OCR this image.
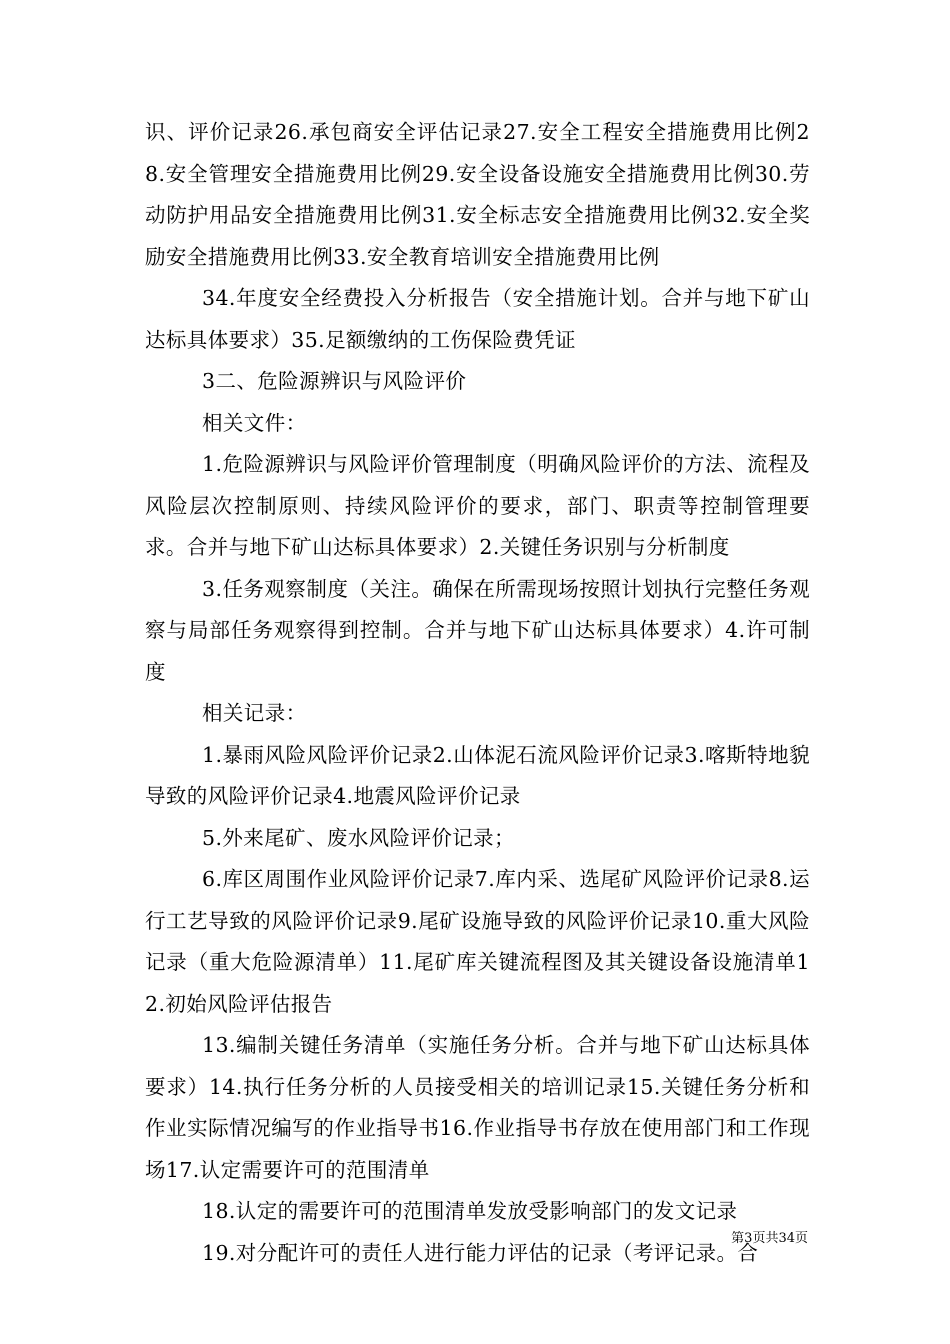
识、评价记录26.承包商安全评估记录27.安全工程安全措施费用比例28.安全管理安全措施费用比例29.安全设备设施安全措施费用比例30.劳动防护用品安全措施费用比例31.安全标志安全措施费用比例32.安全奖励安全措施费用比例33.安全教育培训安全措施费用比例

34.年度安全经费投入分析报告（安全措施计划。合并与地下矿山达标具体要求）35.足额缴纳的工伤保险费凭证

3二、危险源辨识与风险评价

相关文件：

1.危险源辨识与风险评价管理制度（明确风险评价的方法、流程及风险层次控制原则、持续风险评价的要求，部门、职责等控制管理要求。合并与地下矿山达标具体要求）2.关键任务识别与分析制度

3.任务观察制度（关注。确保在所需现场按照计划执行完整任务观察与局部任务观察得到控制。合并与地下矿山达标具体要求）4.许可制度

相关记录：

1.暴雨风险风险评价记录2.山体泥石流风险评价记录3.喀斯特地貌导致的风险评价记录4.地震风险评价记录

5.外来尾矿、废水风险评价记录；

6.库区周围作业风险评价记录7.库内采、选尾矿风险评价记录8.运行工艺导致的风险评价记录9.尾矿设施导致的风险评价记录10.重大风险记录（重大危险源清单）11.尾矿库关键流程图及其关键设备设施清单12.初始风险评估报告

13.编制关键任务清单（实施任务分析。合并与地下矿山达标具体要求）14.执行任务分析的人员接受相关的培训记录15.关键任务分析和作业实际情况编写的作业指导书16.作业指导书存放在使用部门和工作现场17.认定需要许可的范围清单

18.认定的需要许可的范围清单发放受影响部门的发文记录

19.对分配许可的责任人进行能力评估的记录（考评记录。合

第3页共34页
